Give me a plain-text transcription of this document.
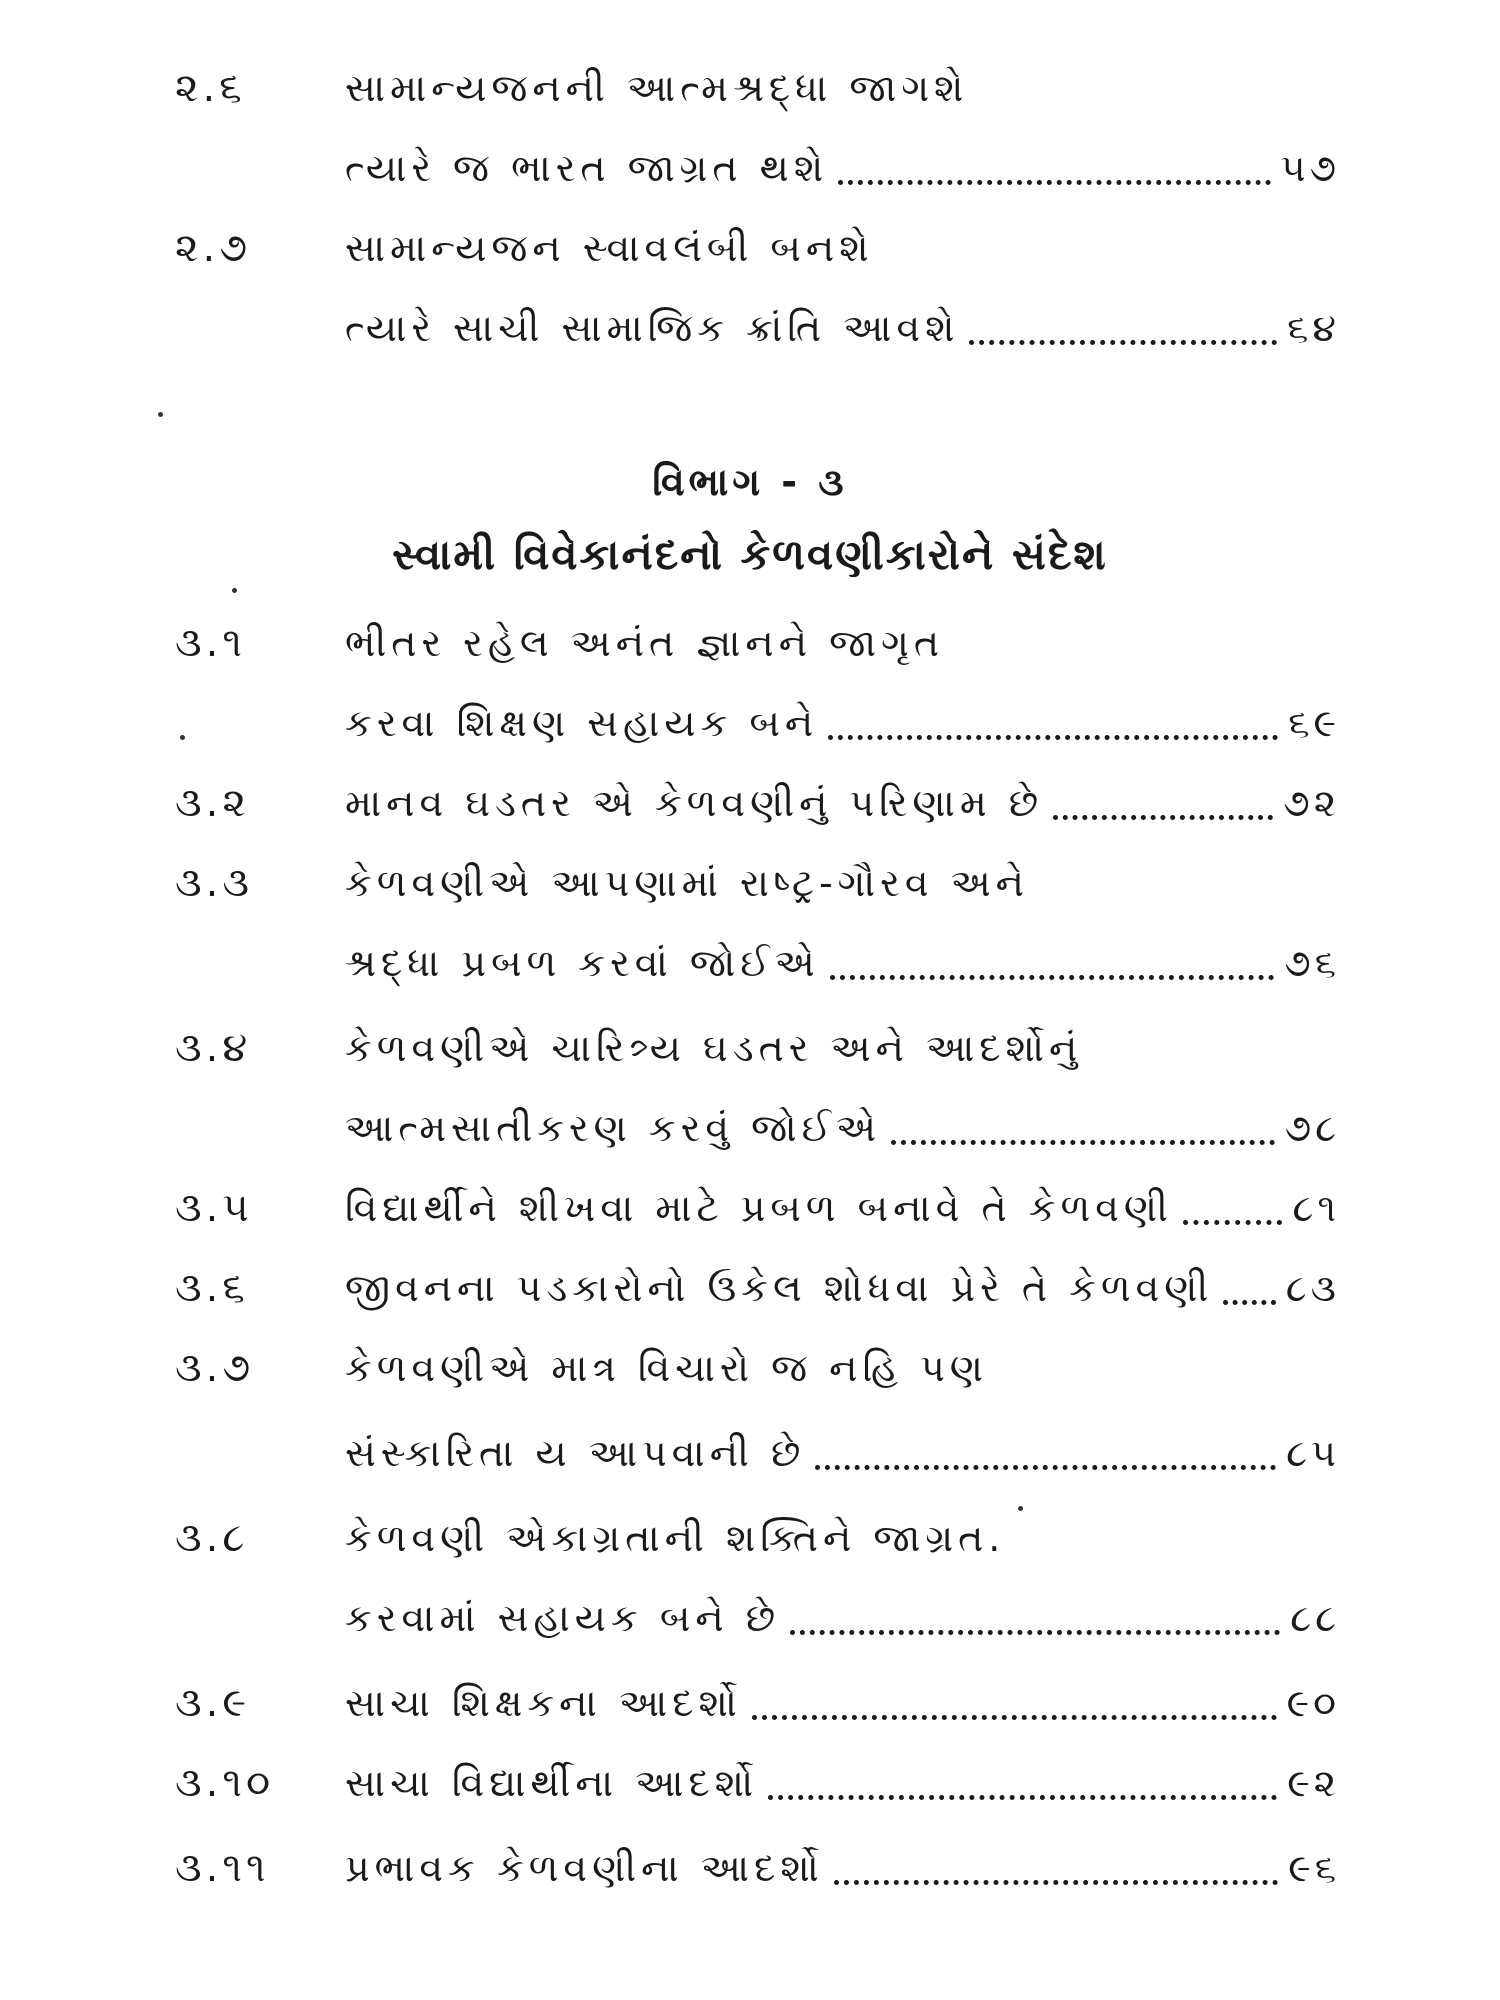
૨.૬	સામાન્યજનની આત્મશ્રદ્ધા જાગશે
ત્યારે જ ભારત જાગ્રત થશે	૫૭
૨.૭	સામાન્યજન સ્વાવલંબી બનશે
ત્યારે સાચી સામાજિક ક્રાંતિ આવશે	૬૪
વિભાગ - ૩
સ્વામી વિવેકાનંદનો કેળવણીકારોને સંદેશ
૩.૧	ભીતર રહેલ અનંત જ્ઞાનને જાગૃત
કરવા શિક્ષણ સહાયક બને	૬૯
૩.૨	માનવ ઘડતર એ કેળવણીનું પરિણામ છે	૭૨
૩.૩	કેળવણીએ આપણામાં રાષ્ટ્ર-ગૌરવ અને
શ્રદ્ધા પ્રબળ કરવાં જોઈએ	૭૬
૩.૪	કેળવણીએ ચારિત્ર્ય ઘડતર અને આદર્શોનું
આત્મસાતીકરણ કરવું જોઈએ	૭૮
૩.૫	વિદ્યાર્થીને શીખવા માટે પ્રબળ બનાવે તે કેળવણી	૮૧
૩.૬	જીવનના પડકારોનો ઉકેલ શોધવા પ્રેરે તે કેળવણી ૮૩
૩.૭	કેળવણીએ માત્ર વિચારો જ નહિ પણ
સંસ્કારિતા ય આપવાની છે	૮૫
૩.૮	કેળવણી એકાગ્રતાની શક્તિને જાગ્રત.
કરવામાં સહાયક બને છે	૮૮
૩.૯	સાચા શિક્ષકના આદર્શો	૯૦
૩.૧૦	સાચા વિદ્યાર્થીના આદર્શો	૯૨
૩.૧૧	પ્રભાવક કેળવણીના આદર્શો	૯૬
